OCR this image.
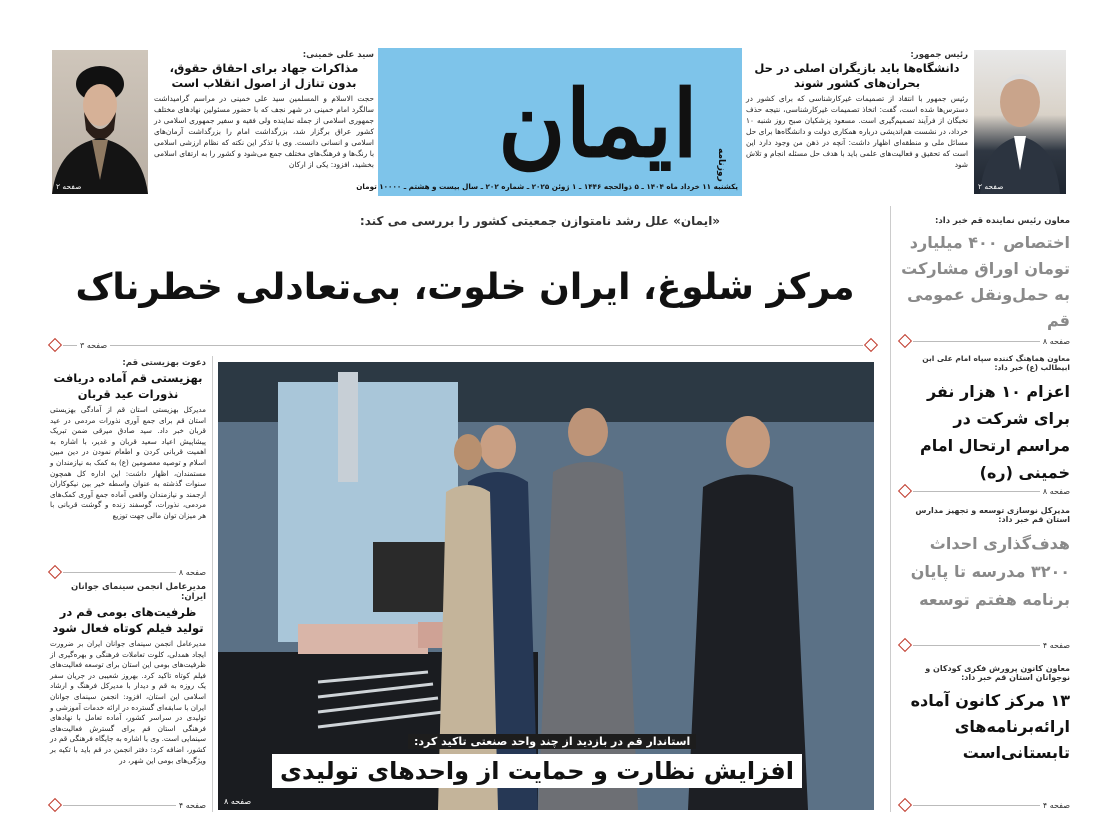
ایمان روزنامه
یکشنبه ۱۱ خرداد ماه ۱۴۰۴ ـ ۵ ذوالحجه ۱۴۴۶ ـ ۱ ژوئن ۲۰۲۵ ـ شماره ۲۰۲ ـ سال بیست و هشتم ـ ۱۰۰۰۰ تومان	صفحه ۲
رئیس جمهور:
دانشگاه‌ها باید بازیگران اصلی در حل بحران‌های کشور شوند
رئیس جمهور با انتقاد از تصمیمات غیرکارشناسی که برای کشور در دسترس‌ها شده است، گفت: اتخاذ تصمیمات غیرکارشناسی، نتیجه حذف نخبگان از فرآیند تصمیم‌گیری است. مسعود پزشکیان صبح روز شنبه ۱۰ خرداد، در نشست هم‌اندیشی درباره همکاری دولت و دانشگاه‌ها برای حل مسائل ملی و منطقه‌ای اظهار داشت: آنچه در ذهن من وجود دارد این است که تحقیق و فعالیت‌های علمی باید با هدف حل مسئله انجام و تلاش شود
صفحه ۲
سید علی خمینی:
مذاکرات جهاد برای احقاق حقوق، بدون تنازل از اصول انقلاب است
حجت الاسلام و المسلمین سید علی خمینی در مراسم گرامیداشت سالگرد امام خمینی در شهر نجف که با حضور مسئولین نهادهای مختلف جمهوری اسلامی از جمله نماینده ولی فقیه و سفیر جمهوری اسلامی در کشور عراق برگزار شد، بزرگداشت امام را بزرگداشت آرمان‌های اسلامی و انسانی دانست. وی با تذکر این نکته که نظام ارزشی اسلامی با رنگ‌ها و فرهنگ‌های مختلف جمع می‌شود و کشور را به ارتقای اسلامی بخشید، افزود: یکی از ارکان
«ایمان» علل رشد نامتوازن جمعیتی کشور را بررسی می کند:
مرکز شلوغ، ایران خلوت، بی‌تعادلی خطرناک
صفحه ۳
استاندار قم در بازدید از چند واحد صنعتی تاکید کرد:
افزایش نظارت و حمایت از واحدهای تولیدی
صفحه ۸
دعوت بهزیستی قم:
بهزیستی قم آماده دریافت نذورات عید قربان
مدیرکل بهزیستی استان قم از آمادگی بهزیستی استان قم برای جمع آوری نذورات مردمی در عید قربان خبر داد. سید صادق میرقی ضمن تبریک پیشاپیش اعیاد سعید قربان و غدیر، با اشاره به اهمیت قربانی کردن و اطعام نمودن در دین مبین اسلام و توصیه معصومین (ع) به کمک به نیازمندان و مستمندان، اظهار داشت: این اداره کل همچون سنوات گذشته به عنوان واسطه خیر بین نیکوکاران ارجمند و نیازمندان واقعی آماده جمع آوری کمک‌های مردمی، نذورات، گوسفند زنده و گوشت قربانی با هر میزان توان مالی جهت توزیع
صفحه ۸
مدیرعامل انجمن سینمای جوانان ایران:
ظرفیت‌های بومی قم در تولید فیلم کوتاه فعال شود
مدیرعامل انجمن سینمای جوانان ایران بر ضرورت ایجاد همدلی، کلوت تعاملات فرهنگی و بهره‌گیری از ظرفیت‌های بومی این استان برای توسعه فعالیت‌های فیلم کوتاه تاکید کرد. بهروز شعیبی در جریان سفر یک روزه به قم و دیدار با مدیرکل فرهنگ و ارشاد اسلامی این استان، افزود: انجمن سینمای جوانان ایران با سابقه‌ای گسترده در ارائه خدمات آموزشی و تولیدی در سراسر کشور، آماده تعامل با نهادهای فرهنگی استان قم برای گسترش فعالیت‌های سینمایی است. وی با اشاره به جایگاه فرهنگی قم در کشور، اضافه کرد: دفتر انجمن در قم باید با تکیه بر ویژگی‌های بومی این شهر، در
صفحه ۴
معاون رئیس نماینده قم خبر داد:
اختصاص ۴۰۰ میلیارد تومان اوراق مشارکت به حمل‌ونقل عمومی قم
صفحه ۸
معاون هماهنگ کننده سپاه امام علی ابن ابیطالب (ع) خبر داد:
اعزام ۱۰ هزار نفر برای شرکت در مراسم ارتحال امام خمینی (ره)
صفحه ۸
مدیرکل نوسازی توسعه و تجهیز مدارس استان قم خبر داد:
هدف‌گذاری احداث ۳۲۰۰ مدرسه تا پایان برنامه هفتم توسعه
صفحه ۴
معاون کانون پرورش فکری کودکان و نوجوانان استان قم خبر داد:
۱۳ مرکز کانون آماده ارائه‌برنامه‌های تابستانی‌است
صفحه ۴
